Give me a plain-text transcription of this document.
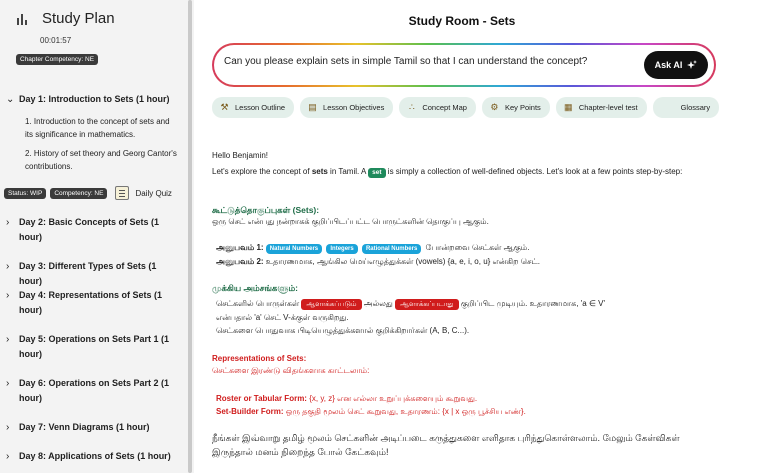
Study Plan
00:01:57
Chapter Competency: NE
⌄ Day 1: Introduction to Sets (1 hour)
1. Introduction to the concept of sets and its significance in mathematics.
2. History of set theory and Georg Cantor's contributions.
Status: WIP	Competency: NE	Daily Quiz
›	Day 2: Basic Concepts of Sets (1 hour)
›	Day 3: Different Types of Sets (1 hour)
›	Day 4: Representations of Sets (1 hour)
›	Day 5: Operations on Sets Part 1 (1 hour)
›	Day 6: Operations on Sets Part 2 (1 hour)
›	Day 7: Venn Diagrams (1 hour)
›	Day 8: Applications of Sets (1 hour)
Study Room - Sets
Can you please explain sets in simple Tamil so that I can understand the concept?	Ask AI
⚒ Lesson Outline	▤ Lesson Objectives	∴	Concept Map	⚙ Key Points	▦ Chapter-level test	Glossary
Hello Benjamin!
Let's explore the concept of sets in Tamil. A set is simply a collection of well-defined objects. Let's look at a few points step-by-step:
கூட்டுத்தொகுப்புகள் (Sets):
ஒரு செட் என்பது நன்றாகக் குறிப்பிடப்பட்ட பொருட்களின் தொகுப்பு ஆகும்.
அனுபவம் 1: Natural Numbers Integers Rational Numbers போன்றவை செட்கள் ஆகும்.
அனுபவம் 2: உதாரணமாக, ஆங்கில மெய்எழுத்துக்கள் (vowels) {a, e, i, o, u} என்கிற செட்.
முக்கிய அம்சங்களும்:
செட்களில் பொருள்கள் ஆளாக்கப்படும் அல்லது ஆளாக்கப்படாது குறிப்பிட முடியும். உதாரணமாக, 'a ∈ V'
என்பதால் 'a' செட் V-க்குள் வருகிறது.
செட்களை பொதுவாக பிடியெழுத்துக்களால் குறிக்கிறார்கள் (A, B, C...).
Representations of Sets:
செட்களை இரண்டு விதங்களாக காட்டலாம்:
Roster or Tabular Form: {x, y, z} என எல்லா உறுப்புக்களையும் கூறுவது.
Set-Builder Form: ஒரு தகுதி மூலம் செட் கூறுவது, உதாரணம்: {x | x ஒரு பூச்சிய எண்}.
நீங்கள் இவ்வாறு தமிழ் மூலம் செட்களின் அடிப்படை கருத்துகளை எளிதாக புரிந்துகொள்ளலாம். மேலும் கேள்விகள் இருந்தால் மனம் நிறைந்த போல் கேட்கவும்!
